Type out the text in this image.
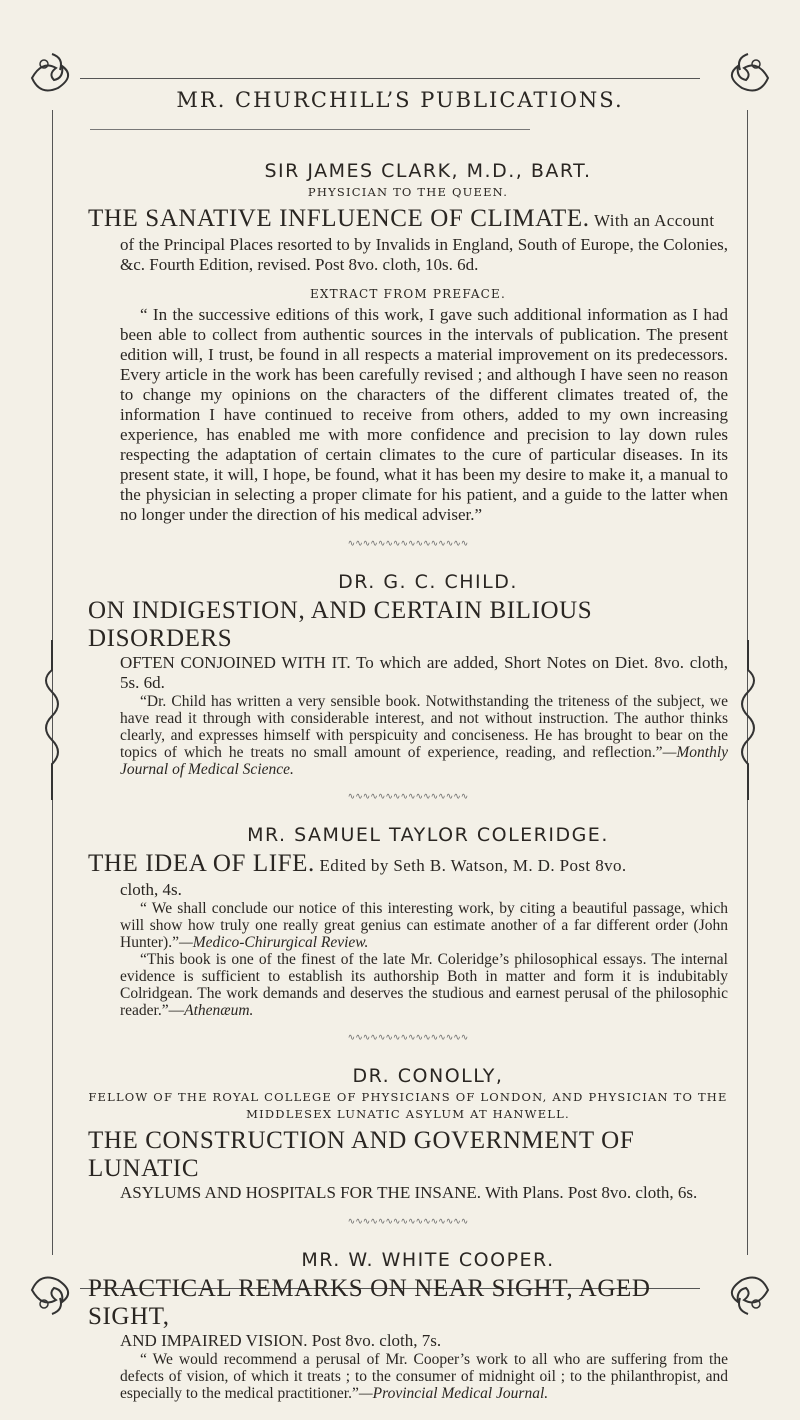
MR. CHURCHILL’S PUBLICATIONS.
SIR JAMES CLARK, M.D., BART.
PHYSICIAN TO THE QUEEN.
THE SANATIVE INFLUENCE OF CLIMATE. With an Account
of the Principal Places resorted to by Invalids in England, South of Europe, the Colonies, &c. Fourth Edition, revised. Post 8vo. cloth, 10s. 6d.
EXTRACT FROM PREFACE.
“ In the successive editions of this work, I gave such additional information as I had been able to collect from authentic sources in the intervals of publication. The present edition will, I trust, be found in all respects a material improvement on its predecessors. Every article in the work has been carefully revised ; and although I have seen no reason to change my opinions on the characters of the different climates treated of, the information I have continued to receive from others, added to my own increasing experience, has enabled me with more confidence and precision to lay down rules respecting the adaptation of certain climates to the cure of particular diseases. In its present state, it will, I hope, be found, what it has been my desire to make it, a manual to the physician in selecting a proper climate for his patient, and a guide to the latter when no longer under the direction of his medical adviser.”
∿∿∿∿∿∿∿∿∿∿∿∿∿∿∿∿
DR. G. C. CHILD.
ON INDIGESTION, AND CERTAIN BILIOUS DISORDERS
OFTEN CONJOINED WITH IT. To which are added, Short Notes on Diet. 8vo. cloth, 5s. 6d.
“Dr. Child has written a very sensible book. Notwithstanding the triteness of the subject, we have read it through with considerable interest, and not without instruction. The author thinks clearly, and expresses himself with perspicuity and conciseness. He has brought to bear on the topics of which he treats no small amount of experience, reading, and reflection.”—Monthly Journal of Medical Science.
∿∿∿∿∿∿∿∿∿∿∿∿∿∿∿∿
MR. SAMUEL TAYLOR COLERIDGE.
THE IDEA OF LIFE. Edited by Seth B. Watson, M. D. Post 8vo.
cloth, 4s.
“ We shall conclude our notice of this interesting work, by citing a beautiful passage, which will show how truly one really great genius can estimate another of a far different order (John Hunter).”—Medico-Chirurgical Review.
“This book is one of the finest of the late Mr. Coleridge’s philosophical essays. The internal evidence is sufficient to establish its authorship Both in matter and form it is indubitably Colridgean. The work demands and deserves the studious and earnest perusal of the philosophic reader.”—Athenæum.
∿∿∿∿∿∿∿∿∿∿∿∿∿∿∿∿
DR. CONOLLY,
FELLOW OF THE ROYAL COLLEGE OF PHYSICIANS OF LONDON, AND PHYSICIAN TO THE MIDDLESEX LUNATIC ASYLUM AT HANWELL.
THE CONSTRUCTION AND GOVERNMENT OF LUNATIC
ASYLUMS AND HOSPITALS FOR THE INSANE. With Plans. Post 8vo. cloth, 6s.
∿∿∿∿∿∿∿∿∿∿∿∿∿∿∿∿
MR. W. WHITE COOPER.
PRACTICAL REMARKS ON NEAR SIGHT, AGED SIGHT,
AND IMPAIRED VISION. Post 8vo. cloth, 7s.
“ We would recommend a perusal of Mr. Cooper’s work to all who are suffering from the defects of vision, of which it treats ; to the consumer of midnight oil ; to the philanthropist, and especially to the medical practitioner.”—Provincial Medical Journal.
